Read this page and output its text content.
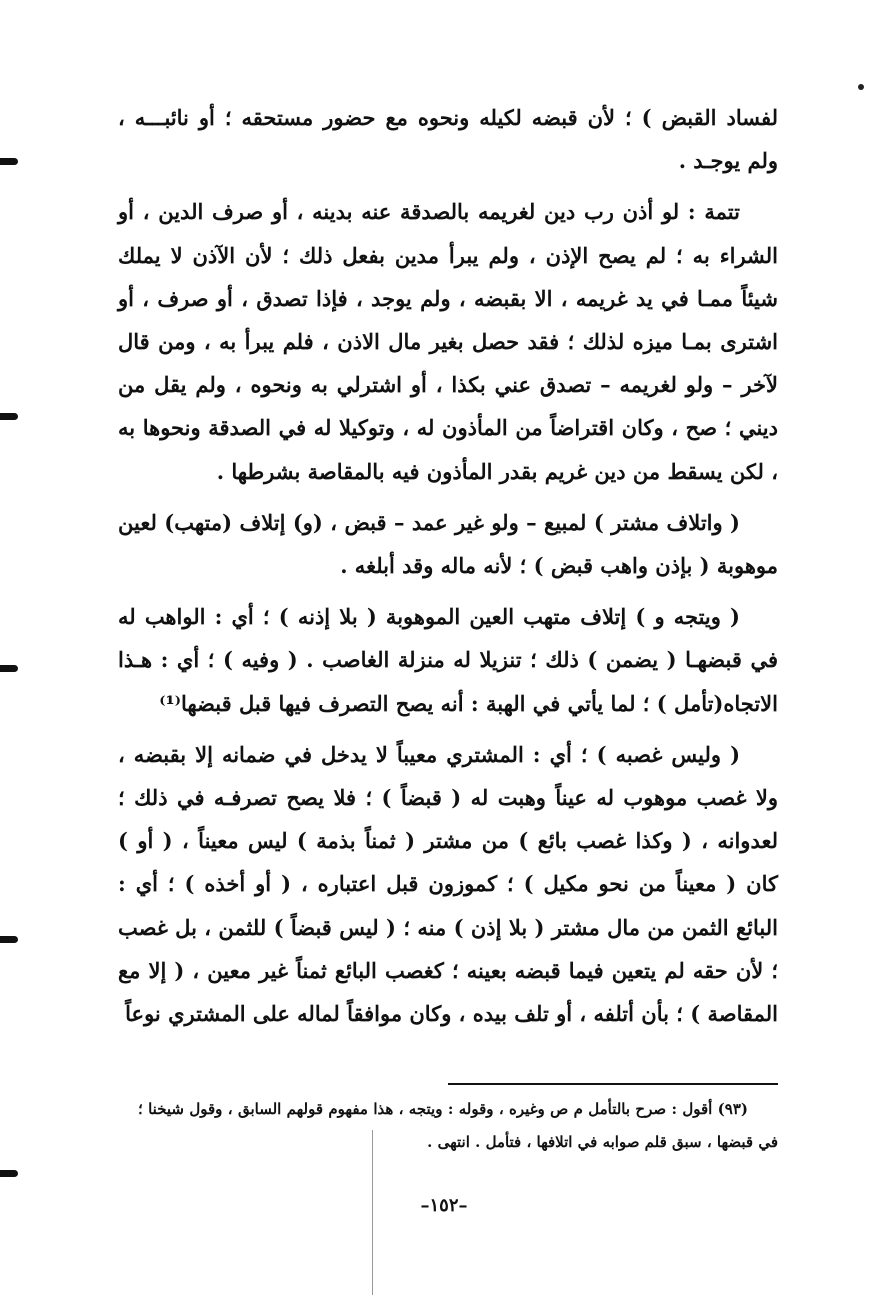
لفساد القبض ) ؛ لأن قبضه لكيله ونحوه مع حضور مستحقه ؛ أو نائبـــه ، ولم يوجـد .

تتمة : لو أذن رب دين لغريمه بالصدقة عنه بدينه ، أو صرف الدين ، أو الشراء به ؛ لم يصح الإذن ، ولم يبرأ مدين بفعل ذلك ؛ لأن الآذن لا يملك شيئاً ممـا في يد غريمه ، الا بقبضه ، ولم يوجد ، فإذا تصدق ، أو صرف ، أو اشترى بمـا ميزه لذلك ؛ فقد حصل بغير مال الاذن ، فلم يبرأ به ، ومن قال لآخر – ولو لغريمه – تصدق عني بكذا ، أو اشترلي به ونحوه ، ولم يقل من ديني ؛ صح ، وكان اقتراضاً من المأذون له ، وتوكيلا له في الصدقة ونحوها به ، لكن يسقط من دين غريم بقدر المأذون فيه بالمقاصة بشرطها .

( واتلاف مشتر ) لمبيع – ولو غير عمد – قبض ، (و) إتلاف (متهب) لعين موهوبة ( بإذن واهب قبض ) ؛ لأنه ماله وقد أبلغه .

( ويتجه و ) إتلاف متهب العين الموهوبة ( بلا إذنه ) ؛ أي : الواهب له في قبضهـا ( يضمن ) ذلك ؛ تنزيلا له منزلة الغاصب . ( وفيه ) ؛ أي : هـذا الاتجاه(تأمل ) ؛ لما يأتي في الهبة : أنه يصح التصرف فيها قبل قبضها⁽¹⁾

( وليس غصبه ) ؛ أي : المشتري معيباً لا يدخل في ضمانه إلا بقبضه ، ولا غصب موهوب له عيناً وهبت له ( قبضاً ) ؛ فلا يصح تصرفـه في ذلك ؛ لعدوانه ، ( وكذا غصب بائع ) من مشتر ( ثمناً بذمة ) ليس معيناً ، ( أو ) كان ( معيناً من نحو مكيل ) ؛ كموزون قبل اعتباره ، ( أو أخذه ) ؛ أي : البائع الثمن من مال مشتر ( بلا إذن ) منه ؛ ( ليس قبضاً ) للثمن ، بل غصب ؛ لأن حقه لم يتعين فيما قبضه بعينه ؛ كغصب البائع ثمناً غير معين ، ( إلا مع المقاصة ) ؛ بأن أتلفه ، أو تلف بيده ، وكان موافقاً لماله على المشتري نوعاً

(٩٣) أقول : صرح بالتأمل م ص وغيره ، وقوله : ويتجه ، هذا مفهوم قولهم السابق ، وقول شيخنا ؛ في قبضها ، سبق قلم صوابه في اتلافها ، فتأمل . انتهى .

–١٥٢–
